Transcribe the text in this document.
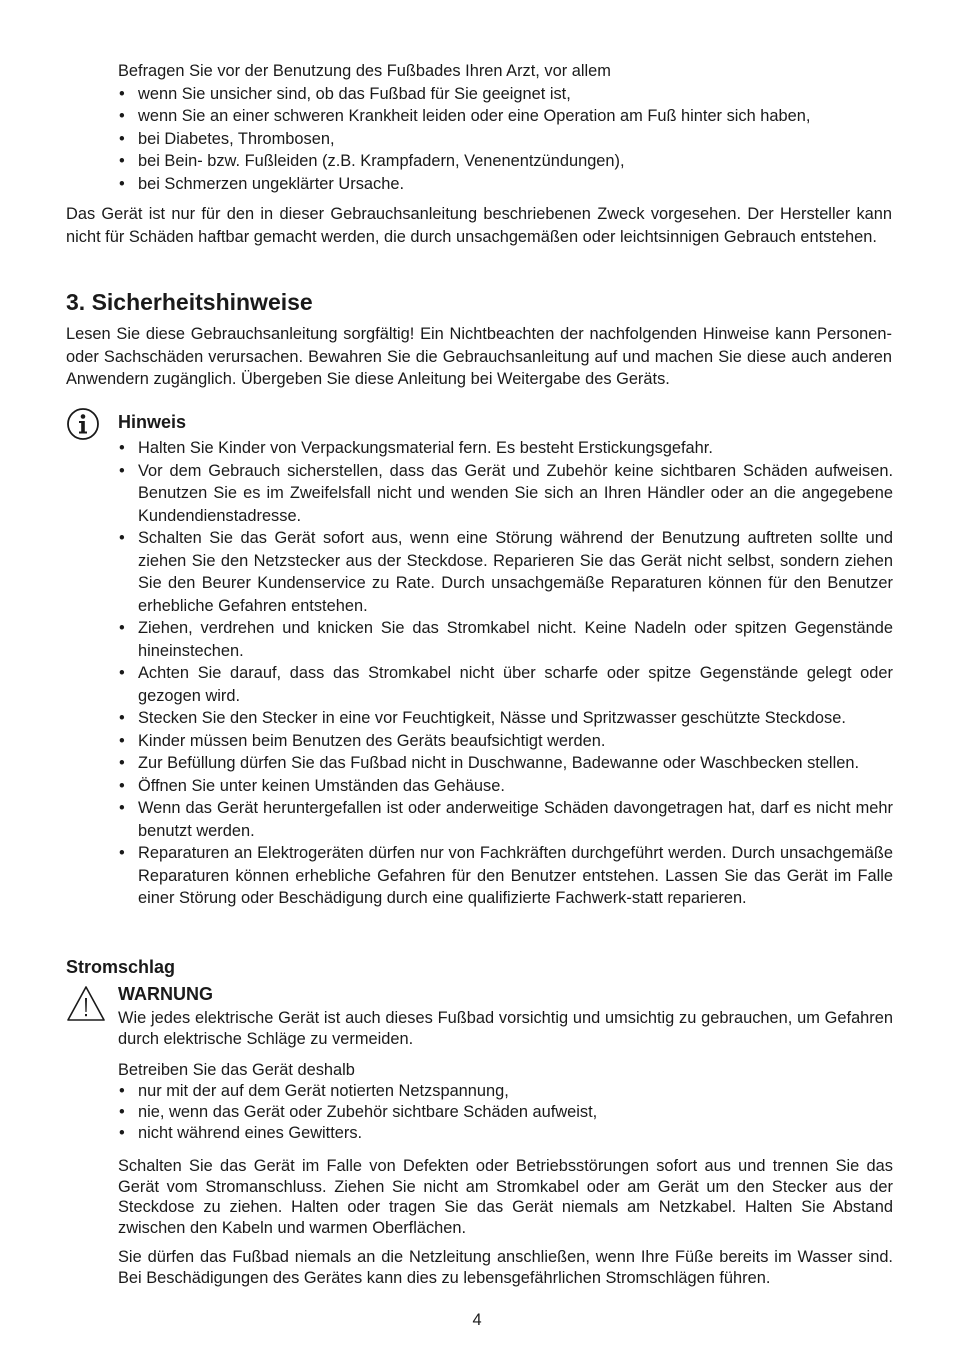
Befragen Sie vor der Benutzung des Fußbades Ihren Arzt, vor allem

• wenn Sie unsicher sind, ob das Fußbad für Sie geeignet ist,
• wenn Sie an einer schweren Krankheit leiden oder eine Operation am Fuß hinter sich haben,
• bei Diabetes, Thrombosen,
• bei Bein- bzw. Fußleiden (z.B. Krampfadern, Venenentzündungen),
• bei Schmerzen ungeklärter Ursache.

Das Gerät ist nur für den in dieser Gebrauchsanleitung beschriebenen Zweck vorgesehen. Der Hersteller kann nicht für Schäden haftbar gemacht werden, die durch unsachgemäßen oder leichtsinnigen Gebrauch entstehen.

3. Sicherheitshinweise

Lesen Sie diese Gebrauchsanleitung sorgfältig! Ein Nichtbeachten der nachfolgenden Hinweise kann Personen- oder Sachschäden verursachen. Bewahren Sie die Gebrauchsanleitung auf und machen Sie diese auch anderen Anwendern zugänglich. Übergeben Sie diese Anleitung bei Weitergabe des Geräts.

Hinweis
• Halten Sie Kinder von Verpackungsmaterial fern. Es besteht Erstickungsgefahr.
• Vor dem Gebrauch sicherstellen, dass das Gerät und Zubehör keine sichtbaren Schäden aufweisen. Benutzen Sie es im Zweifelsfall nicht und wenden Sie sich an Ihren Händler oder an die angegebene Kundendienstadresse.
• Schalten Sie das Gerät sofort aus, wenn eine Störung während der Benutzung auftreten sollte und ziehen Sie den Netzstecker aus der Steckdose. Reparieren Sie das Gerät nicht selbst, sondern ziehen Sie den Beurer Kundenservice zu Rate. Durch unsachgemäße Reparaturen können für den Benutzer erhebliche Gefahren entstehen.
• Ziehen, verdrehen und knicken Sie das Stromkabel nicht. Keine Nadeln oder spitzen Gegenstände hineinstechen.
• Achten Sie darauf, dass das Stromkabel nicht über scharfe oder spitze Gegenstände gelegt oder gezogen wird.
• Stecken Sie den Stecker in eine vor Feuchtigkeit, Nässe und Spritzwasser geschützte Steckdose.
• Kinder müssen beim Benutzen des Geräts beaufsichtigt werden.
• Zur Befüllung dürfen Sie das Fußbad nicht in Duschwanne, Badewanne oder Waschbecken stellen.
• Öffnen Sie unter keinen Umständen das Gehäuse.
• Wenn das Gerät heruntergefallen ist oder anderweitige Schäden davongetragen hat, darf es nicht mehr benutzt werden.
• Reparaturen an Elektrogeräten dürfen nur von Fachkräften durchgeführt werden. Durch unsachgemäße Reparaturen können erhebliche Gefahren für den Benutzer entstehen. Lassen Sie das Gerät im Falle einer Störung oder Beschädigung durch eine qualifizierte Fachwerk-statt reparieren.
Stromschlag
WARNUNG

Wie jedes elektrische Gerät ist auch dieses Fußbad vorsichtig und umsichtig zu gebrauchen, um Gefahren durch elektrische Schläge zu vermeiden.

Betreiben Sie das Gerät deshalb

• nur mit der auf dem Gerät notierten Netzspannung,
• nie, wenn das Gerät oder Zubehör sichtbare Schäden aufweist,
• nicht während eines Gewitters.

Schalten Sie das Gerät im Falle von Defekten oder Betriebsstörungen sofort aus und trennen Sie das Gerät vom Stromanschluss. Ziehen Sie nicht am Stromkabel oder am Gerät um den Stecker aus der Steckdose zu ziehen. Halten oder tragen Sie das Gerät niemals am Netzkabel. Halten Sie Abstand zwischen den Kabeln und warmen Oberflächen.

Sie dürfen das Fußbad niemals an die Netzleitung anschließen, wenn Ihre Füße bereits im Wasser sind. Bei Beschädigungen des Gerätes kann dies zu lebensgefährlichen Stromschlägen führen.

4
